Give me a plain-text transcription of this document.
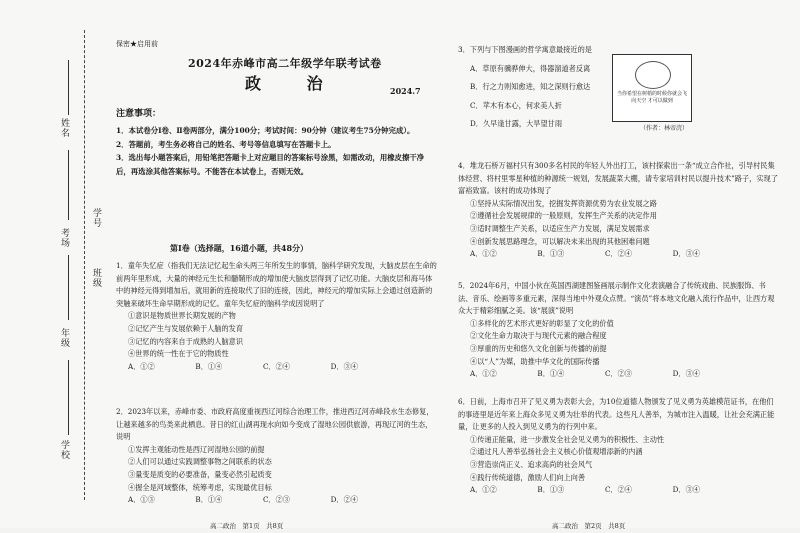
姓名
学号
考场
年级
班级
学校
保密★启用前
2024年赤峰市高二年级学年联考试卷
政 治	2024.7
注意事项：
1．本试卷分Ⅰ卷、Ⅱ卷两部分，满分100分；考试时间：90分钟（建议考生75分钟完成）。
2．答题前，考生务必将自己的姓名、考号等信息填写在答题卡上。
3．选出每小题答案后，用铅笔把答题卡上对应题目的答案标号涂黑，如需改动，用橡皮擦干净后，再选涂其他答案标号。不能答在本试卷上，否则无效。
第Ⅰ卷（选择题，16道小题，共48分）
1．童年失忆症（指我们无法记忆起生命头两三年所发生的事情，脑科学研究发现，大脑皮层在生命的前两年里形成，大量的神经元生长和髓鞘形成的增加使大脑皮层得到了记忆功能。大脑皮层和海马体中的神经元得到增加后，就用新的连接取代了旧的连接，因此，神经元的增加实际上会通过创造新的突触来破坏生命早期形成的记忆。童年失忆症的脑科学成因说明了
①意识是物质世界长期发展的产物
②记忆产生与发展依赖于人脑的发育
③记忆的内容来自于成熟的人脑意识
④世界的统一性在于它的物质性
A．①②	B．①④	C．②④	D．③④
2．2023年以来，赤峰市委、市政府高度重视西辽河综合治理工作，推进西辽河赤峰段水生态修复，让越来越多的鸟类来此栖息。昔日的红山湖再现水向如今变成了湿地公园供旅游，再现辽河的生态，说明
①发挥主观能动性是西辽河湿地公园的前提
②人们可以通过实践调整事物之间联系的状态
③量变是质变的必要准备，量变必然引起质变
④握全是河域整体，统筹考虑，实现最优目标
A．①③	B．①④	C．②③	D．②④
高二政治　第1页　共8页
3．下列与下图漫画的哲学寓意最接近的是
A．草原有骥骅伸大，得器溜道者反离
B．行之力则知愈进，知之深则行愈达
C．苹木有本心，何求美人折
D．久早逢甘露，大旱望甘雨
4．堆龙石桥万福村只有300多名村民的年轻人外出打工，该村探索出一条“成立合作社，引导村民集体经营、将村里零星种植的种源统一规划，发展蔬菜大棚，请专家培训村民以提升技术”路子，实现了富裕致富。该村的成功体现了
①坚持从实际情况出发，挖掘发挥资源优势为农业发展之路
②遵循社会发展规律的一般原则，发挥生产关系的决定作用
③适时调整生产关系，以适应生产力发展，满足发展需求
④创新发展思路理念，可以解决未来出现的其他困难问题
A．①②	B．①③	C．②④	D．③④
5．2024年6月，中国小伙在英国西湖建图鉴画展示制作文化表演融合了传统戏曲、民族服饰、书法、音乐、绘画等多重元素，深得当地中外观众点赞。“演员”将本地文化融入流行作品中，让西方观众大于精彩细腻之美。该“展演”说明
①多样化的艺术形式更好的彰显了文化的价值
②文化生命力取决于与现代元素的融合程度
③厚重的历史和悠久文化创新与传播的前提
④以“人”为媒，助推中华文化的国际传播
A．①②	B．①④	C．②③	D．③④
6．日前，上海市召开了见义勇为表彰大会，为10位道德人物颁发了见义勇为英雄模范证书，在他们的事迹里是近年来上海众多见义勇为壮举的代表。这些凡人善举，为城市注入温暖，让社会充满正能量，让更多的人投入到见义勇为的行列中来。
①传递正能量，进一步激发全社会见义勇为的积极性、主动性
②通过凡人善举弘扬社会主义核心价值观增添新的内涵
③营造崇尚正义、追求高尚的社会风气
④践行传统道德，激励人们向上向善
A．①②	B．①③	C．②④	D．③④
高二政治　第2页　共8页
当你希望在树梢的时候你就会飞向天空 才可以做到
（作者：林帝浣）
